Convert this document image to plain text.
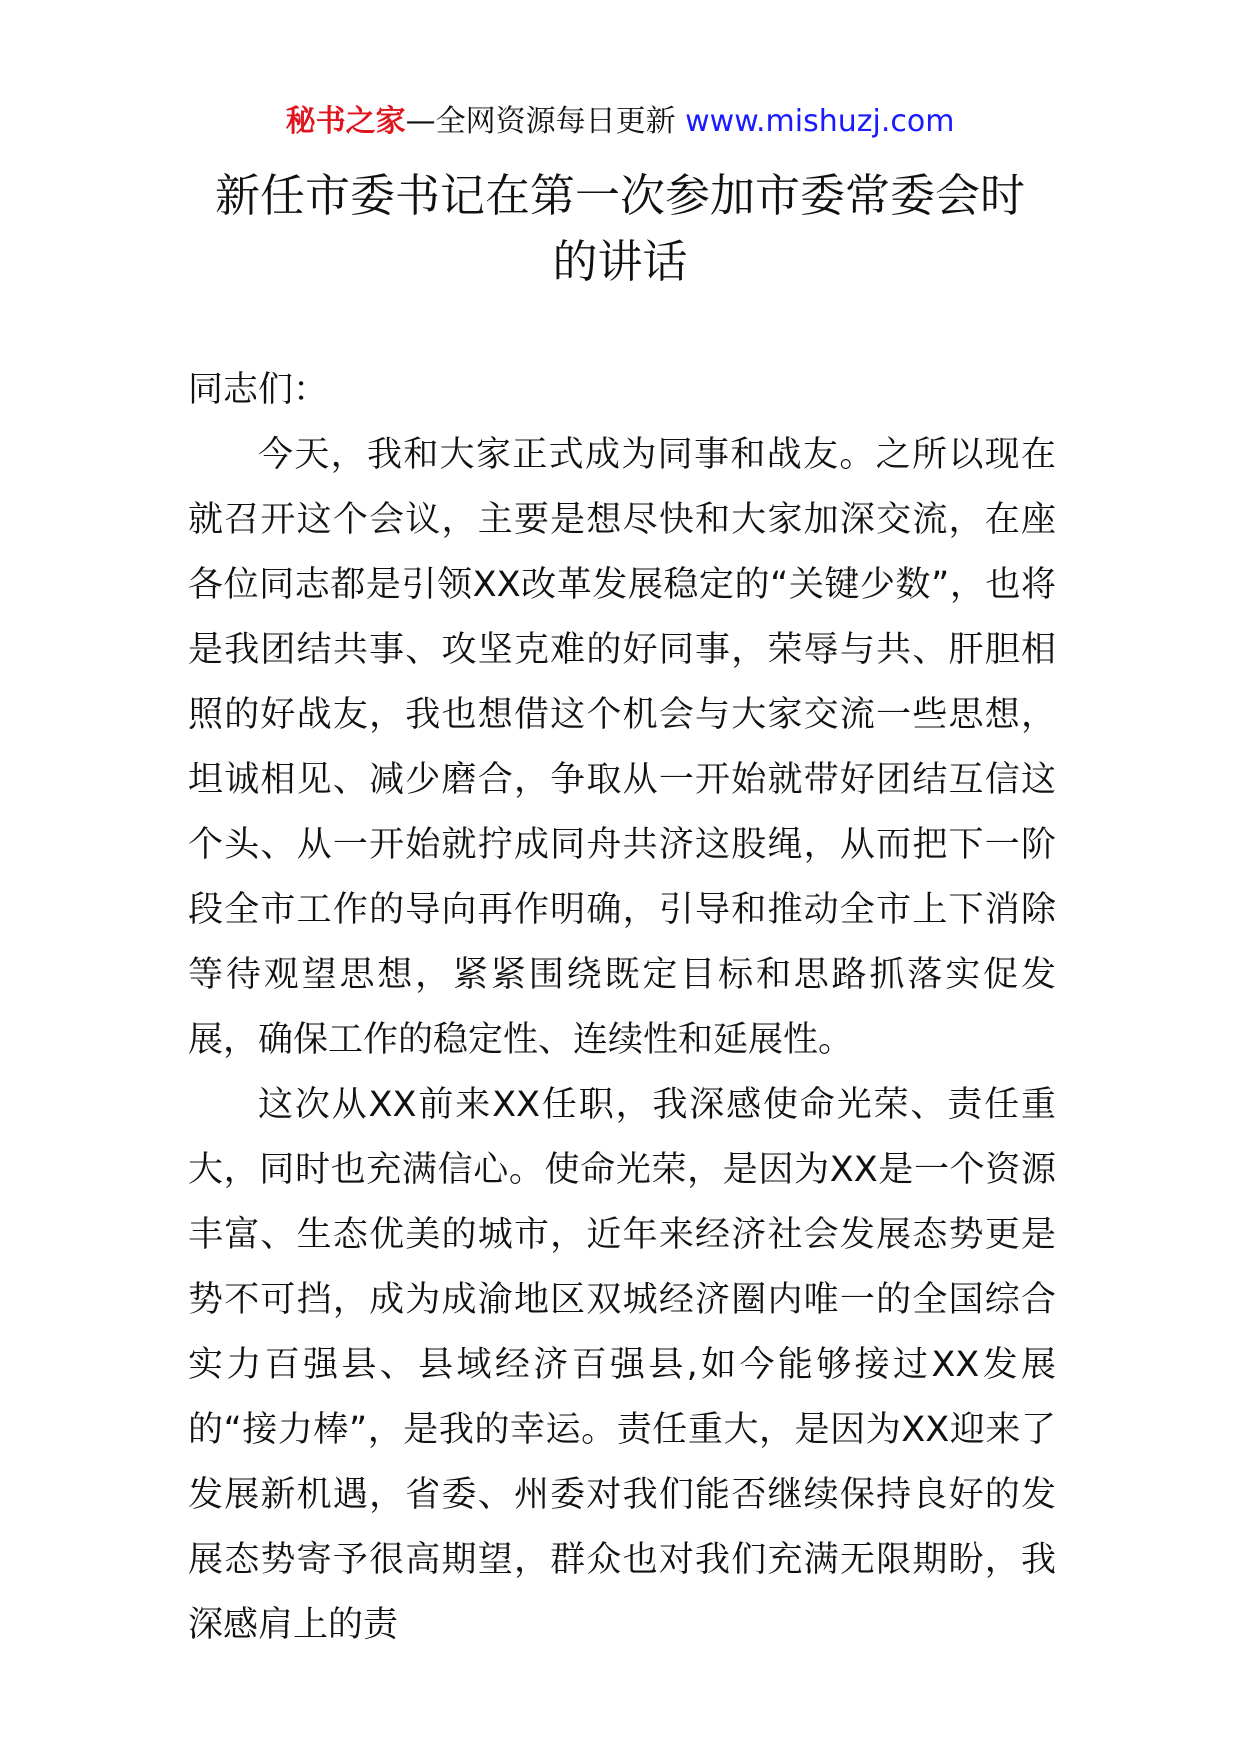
秘书之家—全网资源每日更新 www.mishuzj.com
新任市委书记在第一次参加市委常委会时
的讲话

同志们：

今天，我和大家正式成为同事和战友。之所以现在就召开这个会议，主要是想尽快和大家加深交流，在座各位同志都是引领XX改革发展稳定的“关键少数”，也将是我团结共事、攻坚克难的好同事，荣辱与共、肝胆相照的好战友，我也想借这个机会与大家交流一些思想，坦诚相见、减少磨合，争取从一开始就带好团结互信这个头、从一开始就拧成同舟共济这股绳，从而把下一阶段全市工作的导向再作明确，引导和推动全市上下消除等待观望思想，紧紧围绕既定目标和思路抓落实促发展，确保工作的稳定性、连续性和延展性。

这次从XX前来XX任职，我深感使命光荣、责任重大，同时也充满信心。使命光荣，是因为XX是一个资源丰富、生态优美的城市，近年来经济社会发展态势更是势不可挡，成为成渝地区双城经济圈内唯一的全国综合实力百强县、县域经济百强县,如今能够接过XX发展的“接力棒”，是我的幸运。责任重大，是因为XX迎来了发展新机遇，省委、州委对我们能否继续保持良好的发展态势寄予很高期望，群众也对我们充满无限期盼，我深感肩上的责
